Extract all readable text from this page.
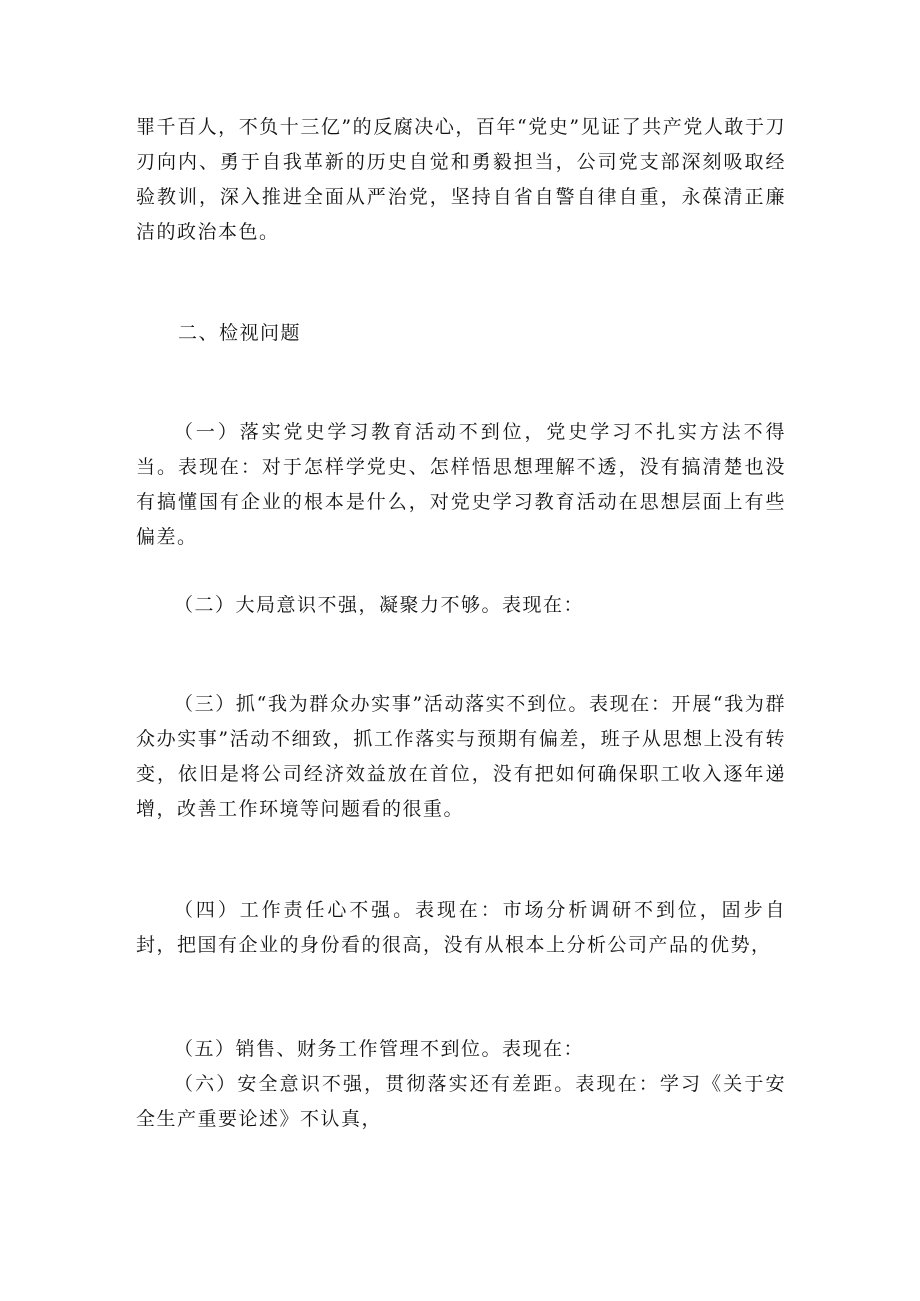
罪千百人，不负十三亿”的反腐决心，百年“党史”见证了共产党人敢于刀刃向内、勇于自我革新的历史自觉和勇毅担当，公司党支部深刻吸取经验教训，深入推进全面从严治党，坚持自省自警自律自重，永葆清正廉洁的政治本色。

二、检视问题

（一）落实党史学习教育活动不到位，党史学习不扎实方法不得当。表现在：对于怎样学党史、怎样悟思想理解不透，没有搞清楚也没有搞懂国有企业的根本是什么，对党史学习教育活动在思想层面上有些偏差。

（二）大局意识不强，凝聚力不够。表现在：

（三）抓“我为群众办实事”活动落实不到位。表现在：开展“我为群众办实事”活动不细致，抓工作落实与预期有偏差，班子从思想上没有转变，依旧是将公司经济效益放在首位，没有把如何确保职工收入逐年递增，改善工作环境等问题看的很重。

（四）工作责任心不强。表现在：市场分析调研不到位，固步自封，把国有企业的身份看的很高，没有从根本上分析公司产品的优势，

（五）销售、财务工作管理不到位。表现在：

（六）安全意识不强，贯彻落实还有差距。表现在：学习《关于安全生产重要论述》不认真，
